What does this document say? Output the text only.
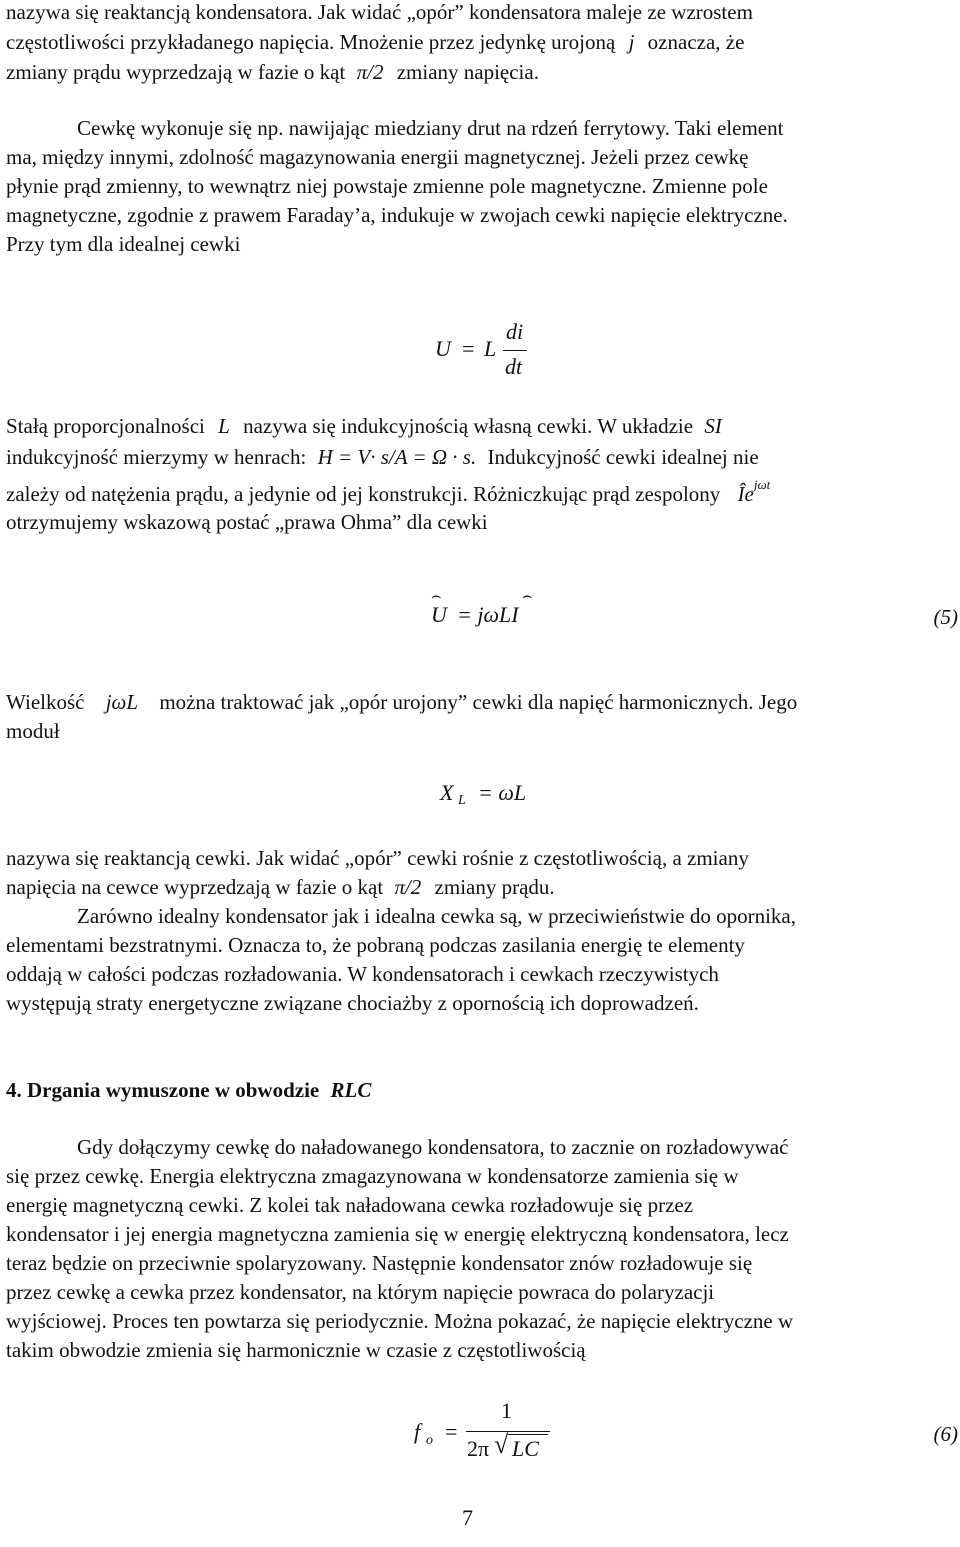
nazywa się reaktancją kondensatora. Jak widać „opór” kondensatora maleje ze wzrostem
częstotliwości przykładanego napięcia. Mnożenie przez jedynkę urojoną j oznacza, że
zmiany prądu wyprzedzają w fazie o kąt π/2 zmiany napięcia.
Cewkę wykonuje się np. nawijając miedziany drut na rdzeń ferrytowy. Taki element
ma, między innymi, zdolność magazynowania energii magnetycznej. Jeżeli przez cewkę
płynie prąd zmienny, to wewnątrz niej powstaje zmienne pole magnetyczne. Zmienne pole
magnetyczne, zgodnie z prawem Faraday’a, indukuje w zwojach cewki napięcie elektryczne.
Przy tym dla idealnej cewki
U = L
di
dt
Stałą proporcjonalności L nazywa się indukcyjnością własną cewki. W układzie SI
indukcyjność mierzymy w henrach: H = V· s/A = Ω · s. Indukcyjność cewki idealnej nie
zależy od natężenia prądu, a jedynie od jej konstrukcji. Różniczkując prąd zespolony $Îe^{j\omega t}$
otrzymujemy wskazową postać „prawa Ohma” dla cewki
⌢
U = jωLI
⌢
(5)
Wielkość jωL można traktować jak „opór urojony” cewki dla napięć harmonicznych. Jego
moduł
X L = ωL
nazywa się reaktancją cewki. Jak widać „opór” cewki rośnie z częstotliwością, a zmiany
napięcia na cewce wyprzedzają w fazie o kąt π/2 zmiany prądu.
Zarówno idealny kondensator jak i idealna cewka są, w przeciwieństwie do opornika,
elementami bezstratnymi. Oznacza to, że pobraną podczas zasilania energię te elementy
oddają w całości podczas rozładowania. W kondensatorach i cewkach rzeczywistych
występują straty energetyczne związane chociażby z opornością ich doprowadzeń.
4. Drgania wymuszone w obwodzie RLC
Gdy dołączymy cewkę do naładowanego kondensatora, to zacznie on rozładowywać
się przez cewkę. Energia elektryczna zmagazynowana w kondensatorze zamienia się w
energię magnetyczną cewki. Z kolei tak naładowana cewka rozładowuje się przez
kondensator i jej energia magnetyczna zamienia się w energię elektryczną kondensatora, lecz
teraz będzie on przeciwnie spolaryzowany. Następnie kondensator znów rozładowuje się
przez cewkę a cewka przez kondensator, na którym napięcie powraca do polaryzacji
wyjściowej. Proces ten powtarza się periodycznie. Można pokazać, że napięcie elektryczne w
takim obwodzie zmienia się harmonicznie w czasie z częstotliwością
f o =
1
2π √ LC
(6)
7
